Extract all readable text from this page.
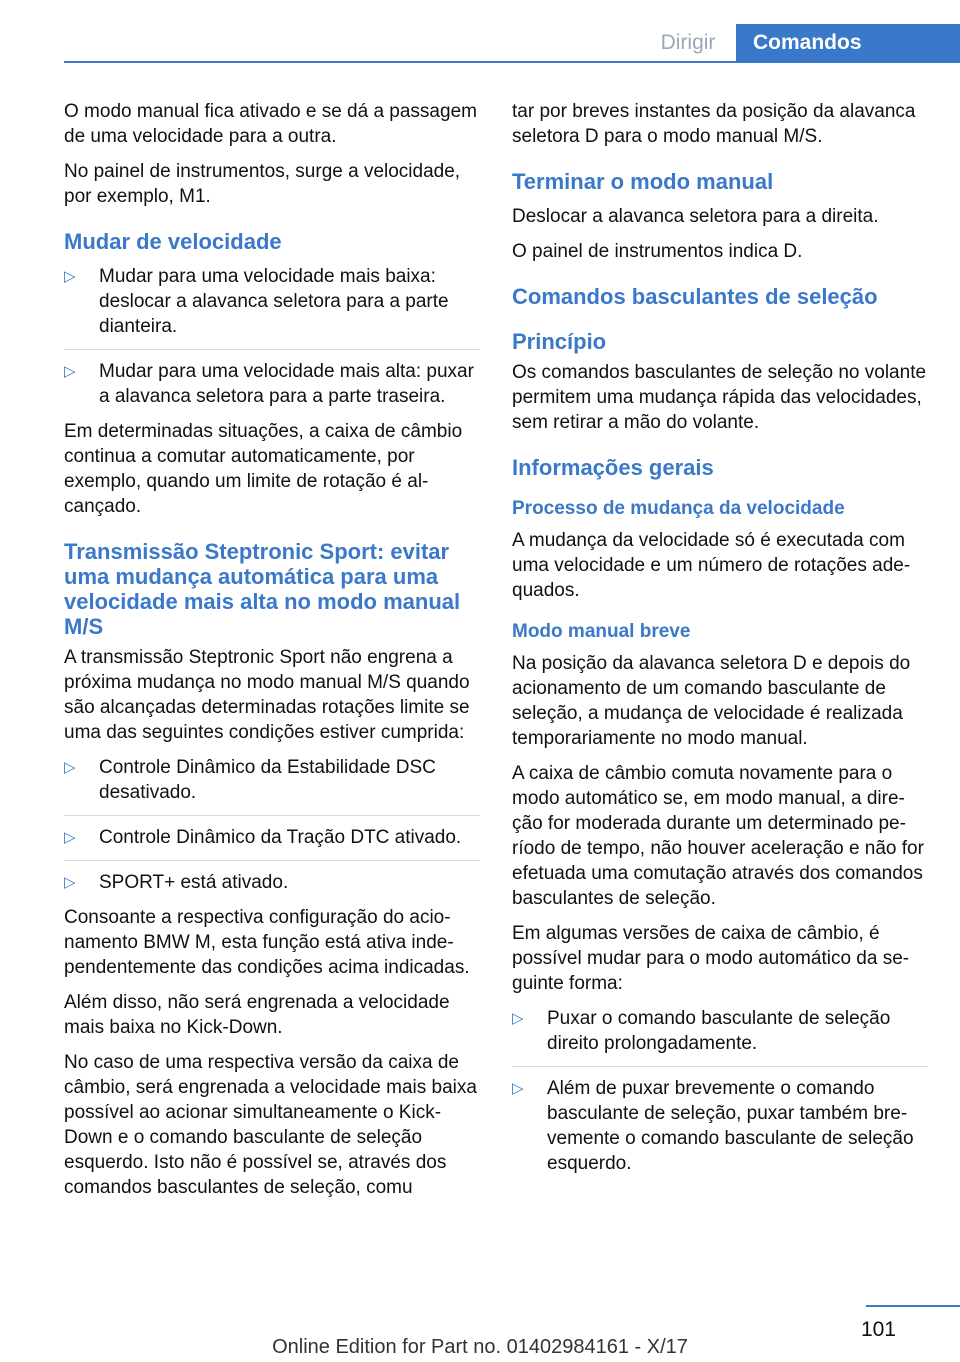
Dirigir	Comandos

O modo manual fica ativado e se dá a passagem de uma velocidade para a outra.

No painel de instrumentos, surge a velocidade, por exemplo, M1.

Mudar de velocidade
▷ Mudar para uma velocidade mais baixa: deslocar a alavanca seletora para a parte dianteira.
▷ Mudar para uma velocidade mais alta: puxar a alavanca seletora para a parte traseira.

Em determinadas situações, a caixa de câmbio continua a comutar automaticamente, por exemplo, quando um limite de rotação é alcançado.

Transmissão Steptronic Sport: evitar uma mudança automática para uma velocidade mais alta no modo manual M/S

A transmissão Steptronic Sport não engrena a próxima mudança no modo manual M/S quando são alcançadas determinadas rotações limite se uma das seguintes condições estiver cumprida:

▷ Controle Dinâmico da Estabilidade DSC desativado.
▷ Controle Dinâmico da Tração DTC ativado.
▷ SPORT+ está ativado.

Consoante a respectiva configuração do acionamento BMW M, esta função está ativa independentemente das condições acima indicadas.

Além disso, não será engrenada a velocidade mais baixa no Kick-Down.

No caso de uma respectiva versão da caixa de câmbio, será engrenada a velocidade mais baixa possível ao acionar simultaneamente o Kick-Down e o comando basculante de seleção esquerdo. Isto não é possível se, através dos comandos basculantes de seleção, comu

tar por breves instantes da posição da alavanca seletora D para o modo manual M/S.

Terminar o modo manual

Deslocar a alavanca seletora para a direita.

O painel de instrumentos indica D.

Comandos basculantes de seleção
Princípio

Os comandos basculantes de seleção no volante permitem uma mudança rápida das velocidades, sem retirar a mão do volante.

Informações gerais
Processo de mudança da velocidade

A mudança da velocidade só é executada com uma velocidade e um número de rotações adequados.

Modo manual breve

Na posição da alavanca seletora D e depois do acionamento de um comando basculante de seleção, a mudança de velocidade é realizada temporariamente no modo manual.

A caixa de câmbio comuta novamente para o modo automático se, em modo manual, a direção for moderada durante um determinado período de tempo, não houver aceleração e não for efetuada uma comutação através dos comandos basculantes de seleção.

Em algumas versões de caixa de câmbio, é possível mudar para o modo automático da seguinte forma:

▷ Puxar o comando basculante de seleção direito prolongadamente.
▷ Além de puxar brevemente o comando basculante de seleção, puxar também brevemente o comando basculante de seleção esquerdo.
101
Online Edition for Part no. 01402984161 - X/17
